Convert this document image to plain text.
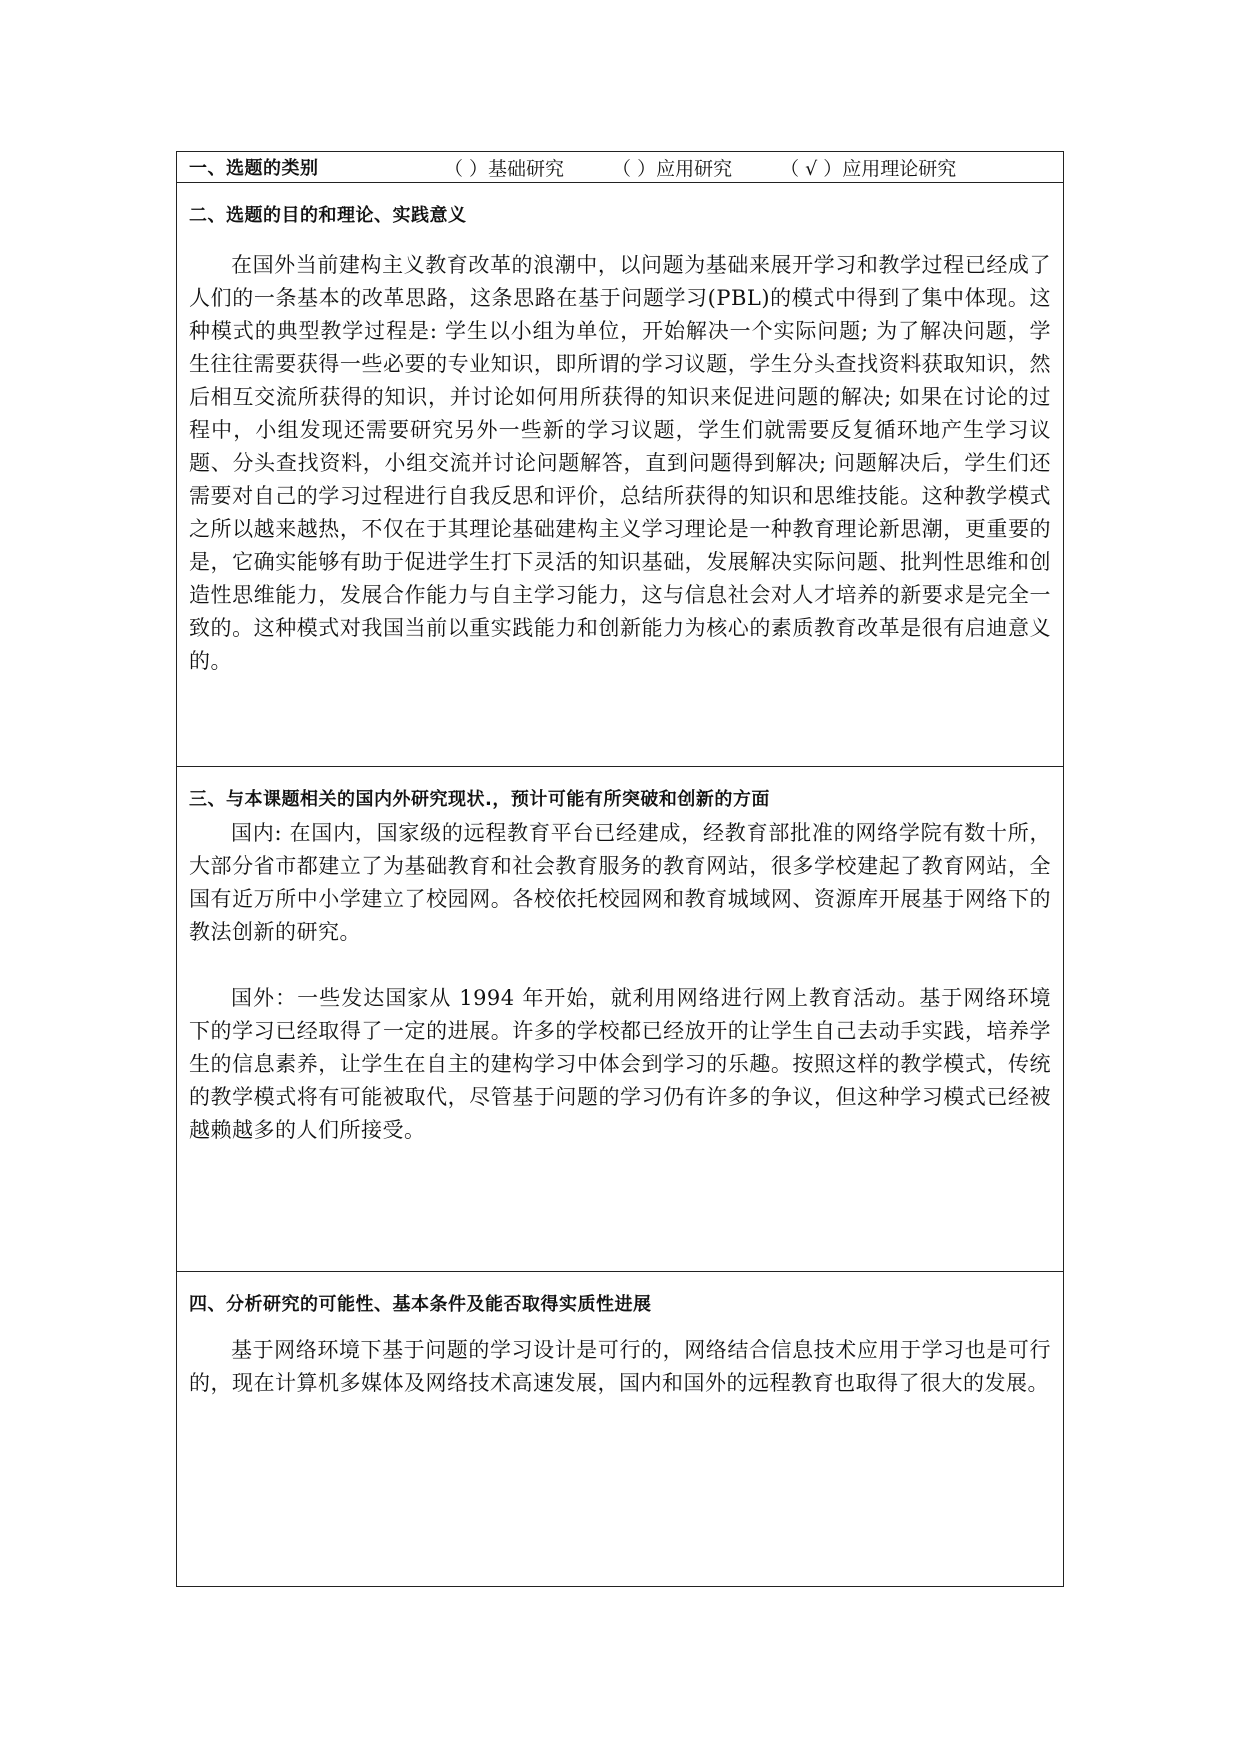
一、选题的类别	（ ）基础研究	（ ）应用研究	（ √ ）应用理论研究
二、选题的目的和理论、实践意义

在国外当前建构主义教育改革的浪潮中，以问题为基础来展开学习和教学过程已经成了人们的一条基本的改革思路，这条思路在基于问题学习(PBL)的模式中得到了集中体现。这种模式的典型教学过程是: 学生以小组为单位，开始解决一个实际问题; 为了解决问题，学生往往需要获得一些必要的专业知识，即所谓的学习议题，学生分头查找资料获取知识，然后相互交流所获得的知识，并讨论如何用所获得的知识来促进问题的解决; 如果在讨论的过程中，小组发现还需要研究另外一些新的学习议题，学生们就需要反复循环地产生学习议题、分头查找资料，小组交流并讨论问题解答，直到问题得到解决; 问题解决后，学生们还需要对自己的学习过程进行自我反思和评价，总结所获得的知识和思维技能。这种教学模式之所以越来越热，不仅在于其理论基础建构主义学习理论是一种教育理论新思潮，更重要的是，它确实能够有助于促进学生打下灵活的知识基础，发展解决实际问题、批判性思维和创造性思维能力，发展合作能力与自主学习能力，这与信息社会对人才培养的新要求是完全一致的。这种模式对我国当前以重实践能力和创新能力为核心的素质教育改革是很有启迪意义的。

三、与本课题相关的国内外研究现状.，预计可能有所突破和创新的方面

国内: 在国内，国家级的远程教育平台已经建成，经教育部批准的网络学院有数十所，大部分省市都建立了为基础教育和社会教育服务的教育网站，很多学校建起了教育网站，全国有近万所中小学建立了校园网。各校依托校园网和教育城域网、资源库开展基于网络下的教法创新的研究。

国外：一些发达国家从 1994 年开始，就利用网络进行网上教育活动。基于网络环境下的学习已经取得了一定的进展。许多的学校都已经放开的让学生自己去动手实践，培养学生的信息素养，让学生在自主的建构学习中体会到学习的乐趣。按照这样的教学模式，传统的教学模式将有可能被取代，尽管基于问题的学习仍有许多的争议，但这种学习模式已经被越赖越多的人们所接受。

四、分析研究的可能性、基本条件及能否取得实质性进展

基于网络环境下基于问题的学习设计是可行的，网络结合信息技术应用于学习也是可行的，现在计算机多媒体及网络技术高速发展，国内和国外的远程教育也取得了很大的发展。
